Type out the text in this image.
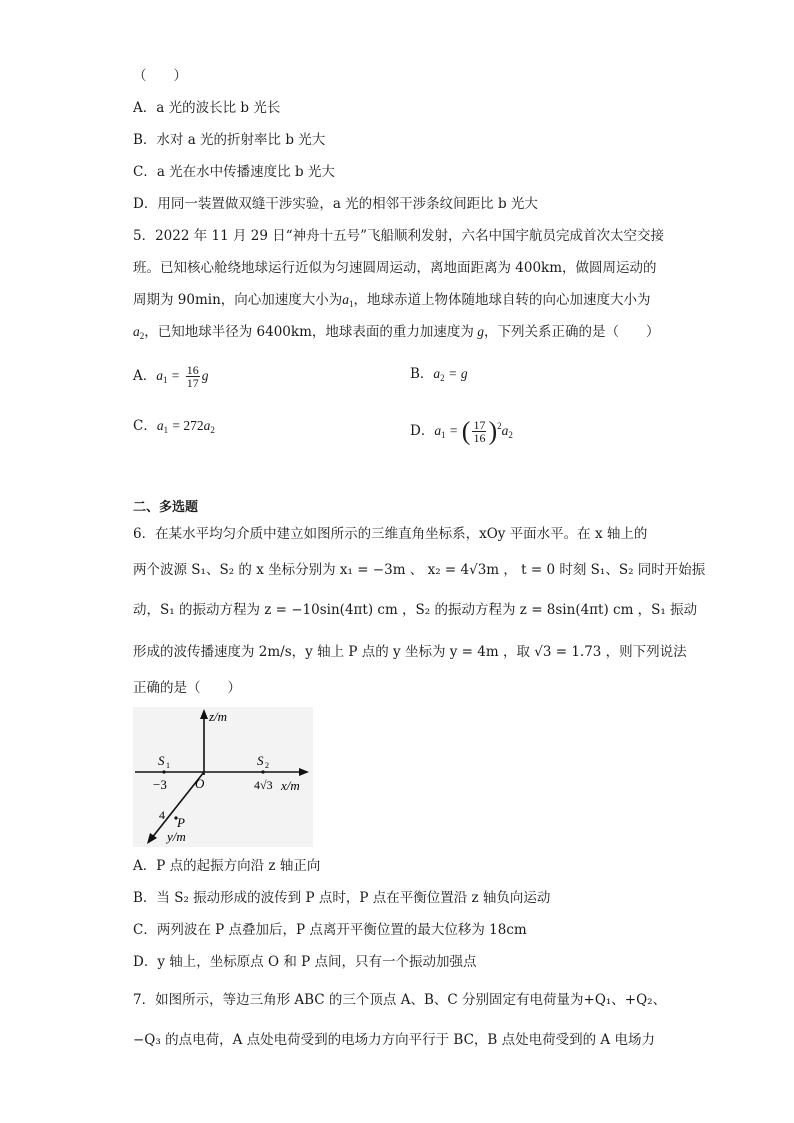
（　　）
A．a 光的波长比 b 光长
B．水对 a 光的折射率比 b 光大
C．a 光在水中传播速度比 b 光大
D．用同一装置做双缝干涉实验，a 光的相邻干涉条纹间距比 b 光大
5．2022 年 11 月 29 日“神舟十五号”飞船顺利发射，六名中国宇航员完成首次太空交接
班。已知核心舱绕地球运行近似为匀速圆周运动，离地面距离为 400km，做圆周运动的
周期为 90min，向心加速度大小为$a_1$，地球赤道上物体随地球自转的向心加速度大小为
$a_2$，已知地球半径为 6400km，地球表面的重力加速度为 g，下列关系正确的是（　　）
A．$a_1 = \frac{16}{17}$ g	B．$a_2 = g$
C．$a_1 = 272a_2$	D．$a_1$ = ( $\frac{17}{16} )^2a_2$
二、多选题
6．在某水平均匀介质中建立如图所示的三维直角坐标系，xOy 平面水平。在 x 轴上的
两个波源 S₁、S₂ 的 x 坐标分别为 x₁ = −3m 、 x₂ = 4√3m ， t = 0 时刻 S₁、S₂ 同时开始振
动，S₁ 的振动方程为 z = −10sin(4πt) cm ，S₂ 的振动方程为 z = 8sin(4πt) cm ，S₁ 振动
形成的波传播速度为 2m/s，y 轴上 P 点的 y 坐标为 y = 4m ，取 √3 = 1.73 ，则下列说法
正确的是（　　）
z/m
x/m
y/m
S 1	S 2
−3 O	4√3
P
4
A．P 点的起振方向沿 z 轴正向
B．当 S₂ 振动形成的波传到 P 点时，P 点在平衡位置沿 z 轴负向运动
C．两列波在 P 点叠加后，P 点离开平衡位置的最大位移为 18cm
D．y 轴上，坐标原点 O 和 P 点间，只有一个振动加强点
7．如图所示，等边三角形 ABC 的三个顶点 A、B、C 分别固定有电荷量为+Q₁、+Q₂、
−Q₃ 的点电荷，A 点处电荷受到的电场力方向平行于 BC，B 点处电荷受到的 A 电场力
